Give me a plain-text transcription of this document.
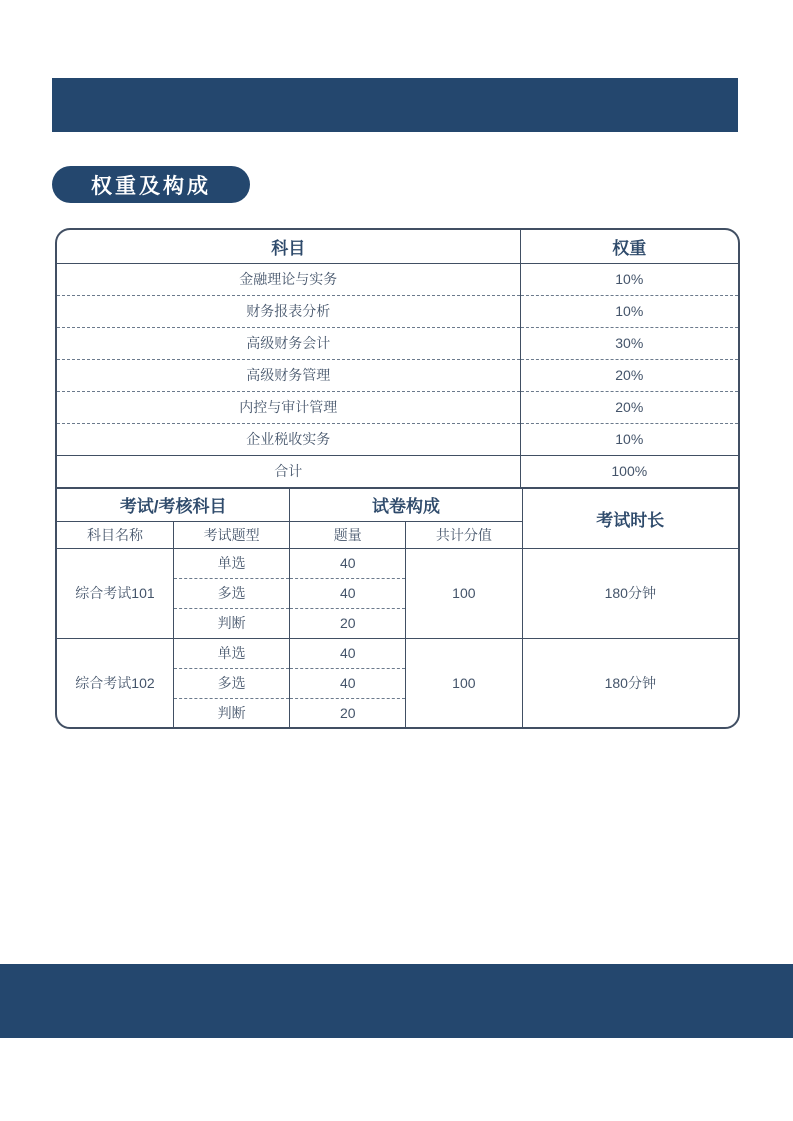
权重及构成
科目	权重
金融理论与实务	10%
财务报表分析	10%
高级财务会计	30%
高级财务管理	20%
内控与审计管理	20%
企业税收实务	10%
合计	100%
考试/考核科目		试卷构成		考试时长
科目名称	考试题型	题量	共计分值	
综合考试101	单选	40	100	180分钟
	多选	40		
	判断	20		
综合考试102	单选	40	100	180分钟
	多选	40		
	判断	20		
